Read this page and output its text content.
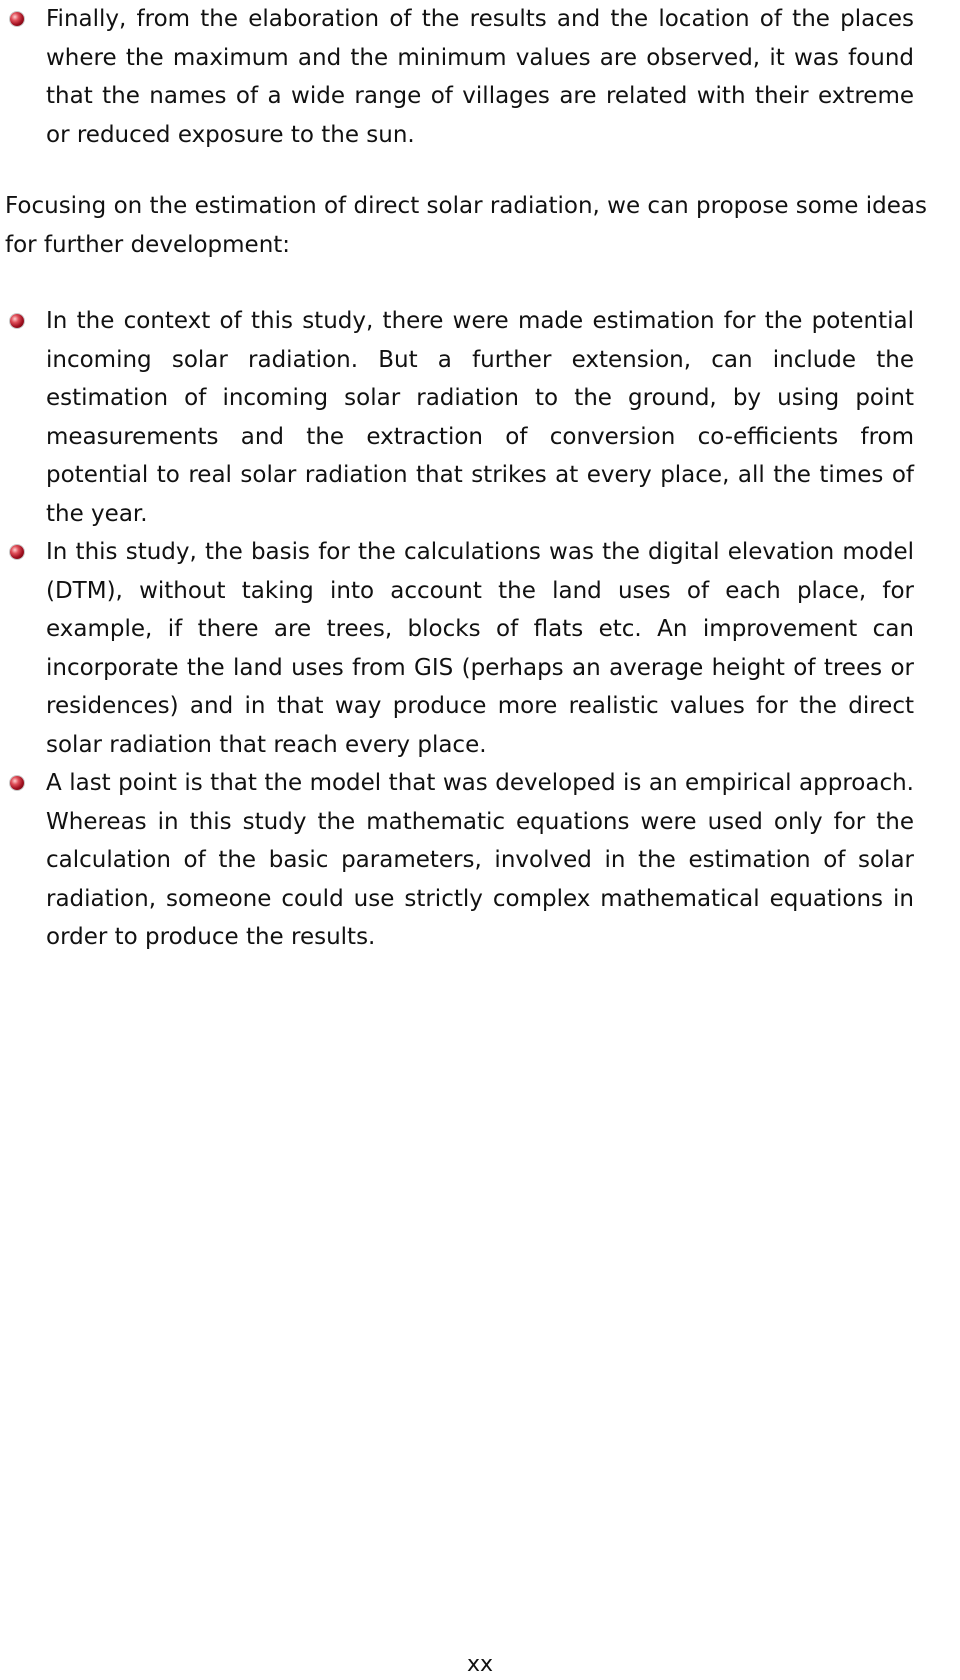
Finally, from the elaboration of the results and the location of the places where the maximum and the minimum values are observed, it was found that the names of a wide range of villages are related with their extreme or reduced exposure to the sun.

Focusing on the estimation of direct solar radiation, we can propose some ideas for further development:

In the context of this study, there were made estimation for the potential incoming solar radiation. But a further extension, can include the estimation of incoming solar radiation to the ground, by using point measurements and the extraction of conversion co-efficients from potential to real solar radiation that strikes at every place, all the times of the year.

In this study, the basis for the calculations was the digital elevation model (DTM), without taking into account the land uses of each place, for example, if there are trees, blocks of flats etc. An improvement can incorporate the land uses from GIS (perhaps an average height of trees or residences) and in that way produce more realistic values for the direct solar radiation that reach every place.

A last point is that the model that was developed is an empirical approach. Whereas in this study the mathematic equations were used only for the calculation of the basic parameters, involved in the estimation of solar radiation, someone could use strictly complex mathematical equations in order to produce the results.

xx
